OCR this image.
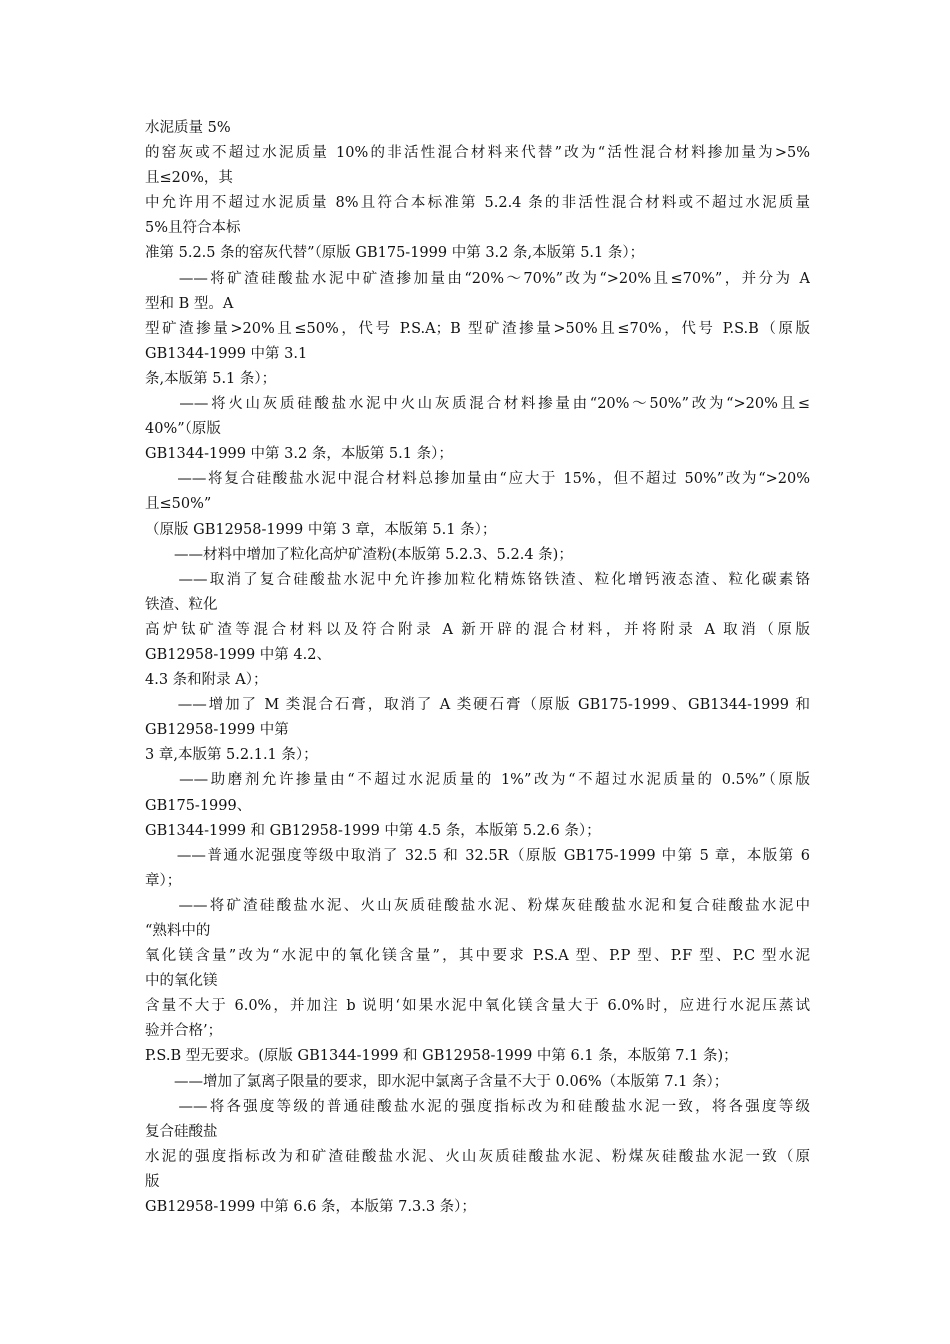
水泥质量 5%
的窑灰或不超过水泥质量 10%的非活性混合材料来代替”改为“活性混合材料掺加量为>5%
且≤20%，其
中允许用不超过水泥质量 8%且符合本标准第 5.2.4 条的非活性混合材料或不超过水泥质量
5%且符合本标
准第 5.2.5 条的窑灰代替”（原版 GB175-1999 中第 3.2 条,本版第 5.1 条）；
　　——将矿渣硅酸盐水泥中矿渣掺加量由“20%～70%”改为“>20%且≤70%”，并分为 A
型和 B 型。A
型矿渣掺量>20%且≤50%，代号 P.S.A；B 型矿渣掺量>50%且≤70%，代号 P.S.B（原版
GB1344-1999 中第 3.1
条,本版第 5.1 条）；
　　——将火山灰质硅酸盐水泥中火山灰质混合材料掺量由“20%～50%”改为“>20%且≤
40%”（原版
GB1344-1999 中第 3.2 条，本版第 5.1 条）；
　　——将复合硅酸盐水泥中混合材料总掺加量由“应大于 15%，但不超过 50%”改为“>20%
且≤50%”
（原版 GB12958-1999 中第 3 章，本版第 5.1 条）；
　　——材料中增加了粒化高炉矿渣粉(本版第 5.2.3、5.2.4 条)；
　　——取消了复合硅酸盐水泥中允许掺加粒化精炼铬铁渣、粒化增钙液态渣、粒化碳素铬
铁渣、粒化
高炉钛矿渣等混合材料以及符合附录 A 新开辟的混合材料，并将附录 A 取消（原版
GB12958-1999 中第 4.2、
4.3 条和附录 A）；
　　——增加了 M 类混合石膏，取消了 A 类硬石膏（原版 GB175-1999、GB1344-1999 和
GB12958-1999 中第
3 章,本版第 5.2.1.1 条）；
　　——助磨剂允许掺量由“不超过水泥质量的 1%”改为“不超过水泥质量的 0.5%”（原版
GB175-1999、
GB1344-1999 和 GB12958-1999 中第 4.5 条，本版第 5.2.6 条）；
　　——普通水泥强度等级中取消了 32.5 和 32.5R（原版 GB175-1999 中第 5 章，本版第 6
章）；
　　——将矿渣硅酸盐水泥、火山灰质硅酸盐水泥、粉煤灰硅酸盐水泥和复合硅酸盐水泥中
“熟料中的
氧化镁含量”改为“水泥中的氧化镁含量”，其中要求 P.S.A 型、P.P 型、P.F 型、P.C 型水泥
中的氧化镁
含量不大于 6.0%，并加注 b 说明‘如果水泥中氧化镁含量大于 6.0%时，应进行水泥压蒸试
验并合格’；
P.S.B 型无要求。(原版 GB1344-1999 和 GB12958-1999 中第 6.1 条，本版第 7.1 条)；
　　——增加了氯离子限量的要求，即水泥中氯离子含量不大于 0.06%（本版第 7.1 条）；
　　——将各强度等级的普通硅酸盐水泥的强度指标改为和硅酸盐水泥一致，将各强度等级
复合硅酸盐
水泥的强度指标改为和矿渣硅酸盐水泥、火山灰质硅酸盐水泥、粉煤灰硅酸盐水泥一致（原
版
GB12958-1999 中第 6.6 条，本版第 7.3.3 条）；
